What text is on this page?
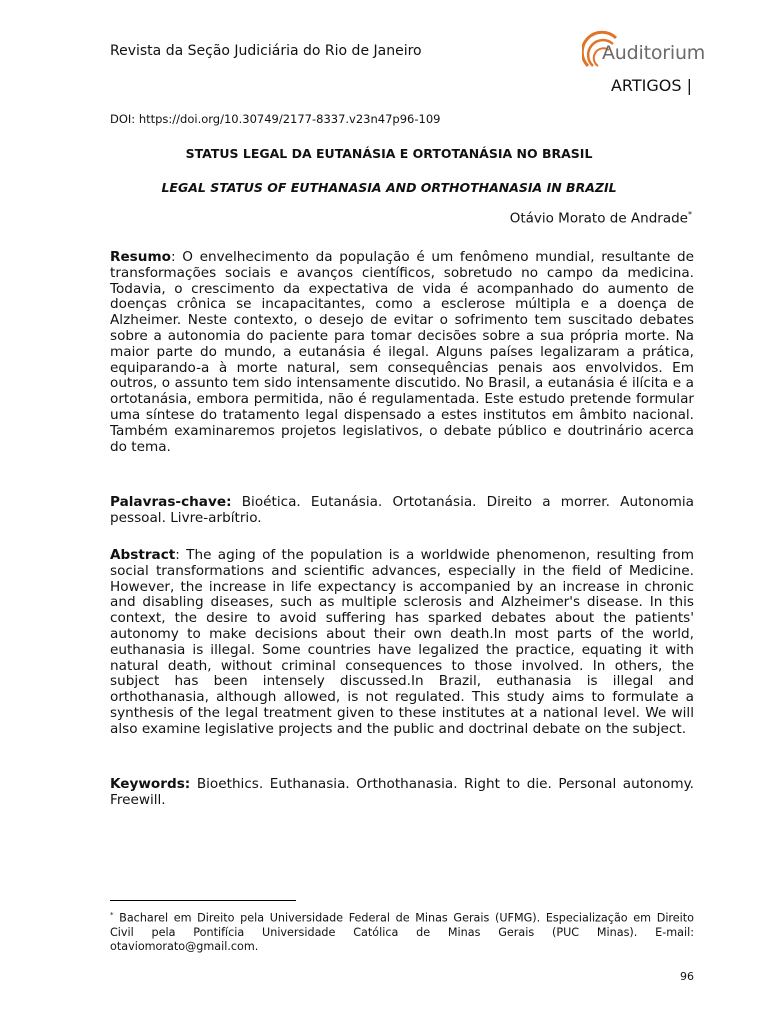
Revista da Seção Judiciária do Rio de Janeiro	Auditorium
ARTIGOS |
DOI: https://doi.org/10.30749/2177-8337.v23n47p96-109
STATUS LEGAL DA EUTANÁSIA E ORTOTANÁSIA NO BRASIL
LEGAL STATUS OF EUTHANASIA AND ORTHOTHANASIA IN BRAZIL
Otávio Morato de Andrade*
Resumo: O envelhecimento da população é um fenômeno mundial, resultante de transformações sociais e avanços científicos, sobretudo no campo da medicina. Todavia, o crescimento da expectativa de vida é acompanhado do aumento de doenças crônica se incapacitantes, como a esclerose múltipla e a doença de Alzheimer. Neste contexto, o desejo de evitar o sofrimento tem suscitado debates sobre a autonomia do paciente para tomar decisões sobre a sua própria morte. Na maior parte do mundo, a eutanásia é ilegal. Alguns países legalizaram a prática, equiparando-a à morte natural, sem consequências penais aos envolvidos. Em outros, o assunto tem sido intensamente discutido. No Brasil, a eutanásia é ilícita e a ortotanásia, embora permitida, não é regulamentada. Este estudo pretende formular uma síntese do tratamento legal dispensado a estes institutos em âmbito nacional. Também examinaremos projetos legislativos, o debate público e doutrinário acerca do tema.
Palavras-chave: Bioética. Eutanásia. Ortotanásia. Direito a morrer. Autonomia pessoal. Livre-arbítrio.
Abstract: The aging of the population is a worldwide phenomenon, resulting from social transformations and scientific advances, especially in the field of Medicine. However, the increase in life expectancy is accompanied by an increase in chronic and disabling diseases, such as multiple sclerosis and Alzheimer's disease. In this context, the desire to avoid suffering has sparked debates about the patients' autonomy to make decisions about their own death.In most parts of the world, euthanasia is illegal. Some countries have legalized the practice, equating it with natural death, without criminal consequences to those involved. In others, the subject has been intensely discussed.In Brazil, euthanasia is illegal and orthothanasia, although allowed, is not regulated. This study aims to formulate a synthesis of the legal treatment given to these institutes at a national level. We will also examine legislative projects and the public and doctrinal debate on the subject.
Keywords: Bioethics. Euthanasia. Orthothanasia. Right to die. Personal autonomy. Freewill.
* Bacharel em Direito pela Universidade Federal de Minas Gerais (UFMG). Especialização em Direito Civil pela Pontifícia Universidade Católica de Minas Gerais (PUC Minas). E-mail: otaviomorato@gmail.com.
96
